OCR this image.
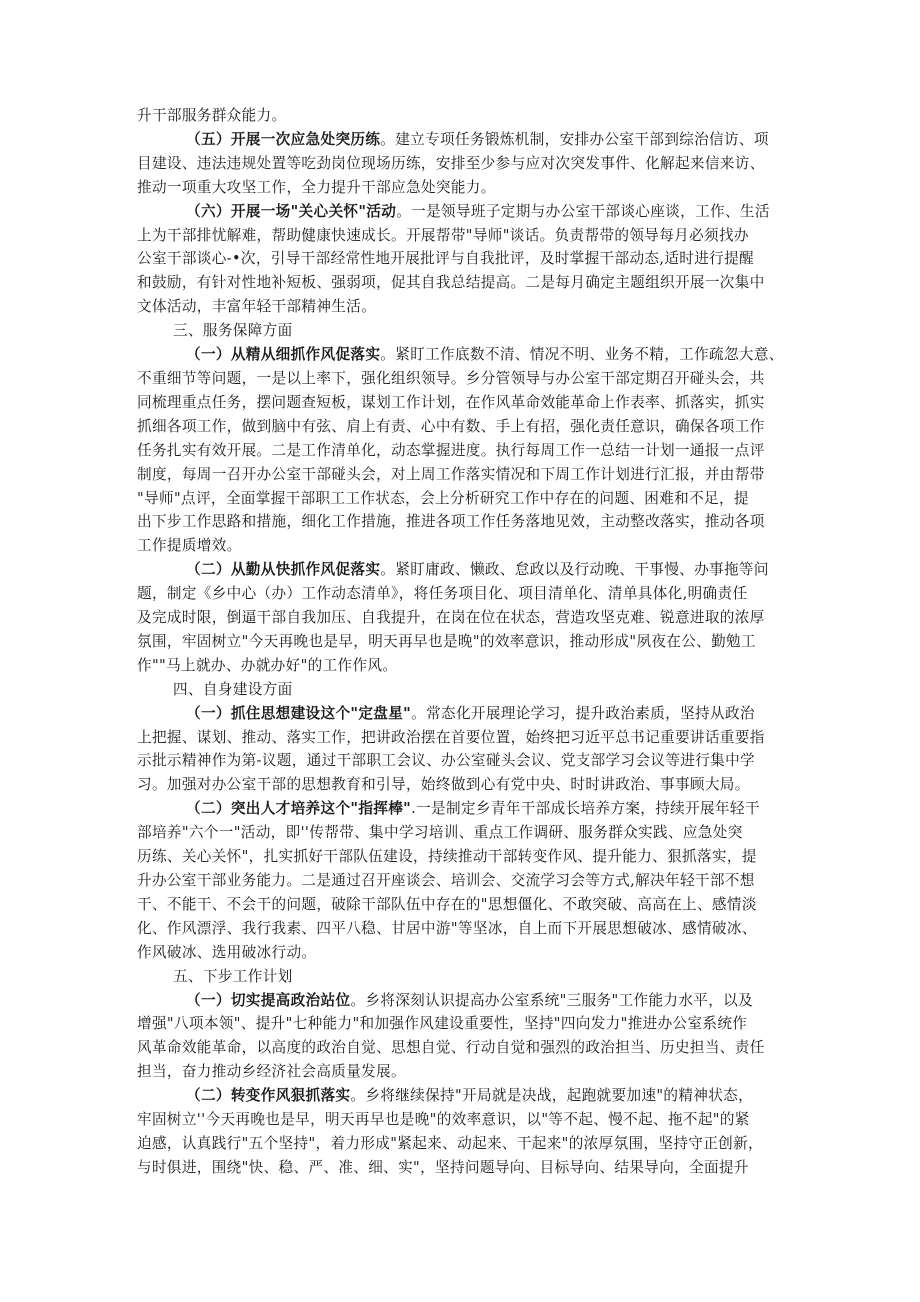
升干部服务群众能力。

（五）开展一次应急处突历练。建立专项任务锻炼机制，安排办公室干部到综治信访、项

目建设、违法违规处置等吃劲岗位现场历练，安排至少参与应对次突发事件、化解起来信来访、

推动一项重大攻坚工作，全力提升干部应急处突能力。

（六）开展一场"关心关怀"活动。一是领导班子定期与办公室干部谈心座谈，工作、生活

上为干部排忧解难，帮助健康快速成长。开展帮带"导师"谈话。负责帮带的领导每月必须找办

公室干部谈心-•次，引导干部经常性地开展批评与自我批评，及时掌握干部动态,适时进行提醒

和鼓励，有针对性地补短板、强弱项，促其自我总结提高。二是每月确定主题组织开展一次集中

文体活动，丰富年轻干部精神生活。

三、服务保障方面

（一）从精从细抓作风促落实。紧盯工作底数不清、情况不明、业务不精，工作疏忽大意、

不重细节等问题，一是以上率下，强化组织领导。乡分管领导与办公室干部定期召开碰头会，共

同梳理重点任务，摆问题查短板，谋划工作计划，在作风革命效能革命上作表率、抓落实，抓实

抓细各项工作，做到脑中有弦、肩上有责、心中有数、手上有招，强化责任意识，确保各项工作

任务扎实有效开展。二是工作清单化，动态掌握进度。执行每周工作一总结一计划一通报一点评

制度，每周一召开办公室干部碰头会，对上周工作落实情况和下周工作计划进行汇报，并由帮带

"导师"点评，全面掌握干部职工工作状态，会上分析研究工作中存在的问题、困难和不足，提

出下步工作思路和措施，细化工作措施，推进各项工作任务落地见效，主动整改落实，推动各项

工作提质增效。

（二）从勤从快抓作风促落实。紧盯庸政、懒政、怠政以及行动晚、干事慢、办事拖等问

题，制定《乡中心（办）工作动态清单》，将任务项目化、项目清单化、清单具体化,明确责任

及完成时限，倒逼干部自我加压、自我提升，在岗在位在状态，营造攻坚克难、锐意进取的浓厚

氛围，牢固树立"今天再晚也是早，明天再早也是晚"的效率意识，推动形成"夙夜在公、勤勉工

作""马上就办、办就办好"的工作作风。

四、自身建设方面

（一）抓住思想建设这个"定盘星"。常态化开展理论学习，提升政治素质，坚持从政治

上把握、谋划、推动、落实工作，把讲政治摆在首要位置，始终把习近平总书记重要讲话重要指

示批示精神作为第-议题，通过干部职工会议、办公室碰头会议、党支部学习会议等进行集中学

习。加强对办公室干部的思想教育和引导，始终做到心有党中央、时时讲政治、事事顾大局。

（二）突出人才培养这个"指挥棒".一是制定乡青年干部成长培养方案，持续开展年轻干

部培养"六个一"活动，即''传帮带、集中学习培训、重点工作调研、服务群众实践、应急处突

历练、关心关怀"，扎实抓好干部队伍建设，持续推动干部转变作风、提升能力、狠抓落实，提

升办公室干部业务能力。二是通过召开座谈会、培训会、交流学习会等方式,解决年轻干部不想

干、不能干、不会干的问题，破除干部队伍中存在的"思想僵化、不敢突破、高高在上、感情淡

化、作风漂浮、我行我素、四平八稳、甘居中游"等坚冰，自上而下开展思想破冰、感情破冰、

作风破冰、选用破冰行动。

五、下步工作计划

（一）切实提高政治站位。乡将深刻认识提高办公室系统"三服务"工作能力水平，以及

增强"八项本领"、提升"七种能力"和加强作风建设重要性，坚持"四向发力"推进办公室系统作

风革命效能革命，以高度的政治自觉、思想自觉、行动自觉和强烈的政治担当、历史担当、责任

担当，奋力推动乡经济社会高质量发展。

（二）转变作风狠抓落实。乡将继续保持"开局就是决战，起跑就要加速"的精神状态，

牢固树立''今天再晚也是早，明天再早也是晚"的效率意识，以"等不起、慢不起、拖不起"的紧

迫感，认真践行"五个坚持"，着力形成"紧起来、动起来、干起来"的浓厚氛围，坚持守正创新，

与时俱进，围绕"快、稳、严、准、细、实"，坚持问题导向、目标导向、结果导向，全面提升
